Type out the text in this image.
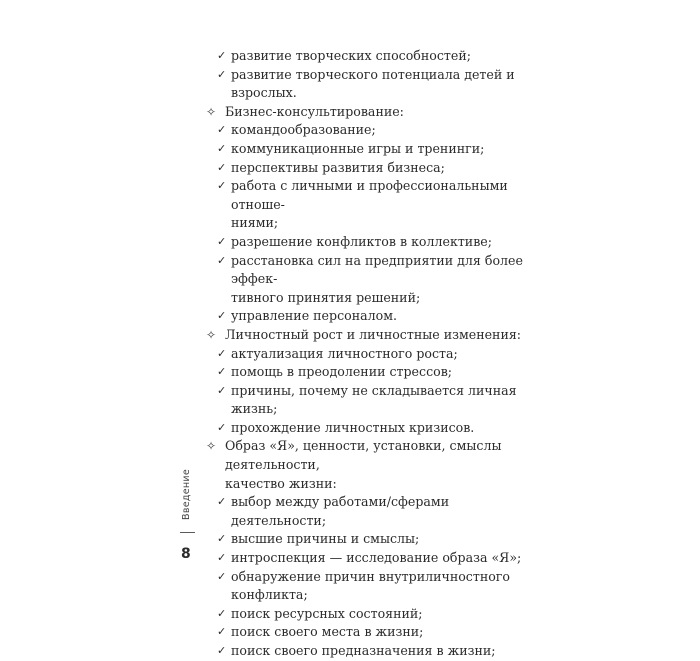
✓ развитие творческих способностей;
✓ развитие творческого потенциала детей и взрослых.
✧ Бизнес-консультирование:
✓ командообразование;
✓ коммуникационные игры и тренинги;
✓ перспективы развития бизнеса;
✓ работа с личными и профессиональными отноше-
ниями;
✓ разрешение конфликтов в коллективе;
✓ расстановка сил на предприятии для более эффек-
тивного принятия решений;
✓ управление персоналом.
✧ Личностный рост и личностные изменения:
✓ актуализация личностного роста;
✓ помощь в преодолении стрессов;
✓ причины, почему не складывается личная жизнь;
✓ прохождение личностных кризисов.
✧ Образ «Я», ценности, установки, смыслы деятельности,
качество жизни:
✓ выбор между работами/сферами деятельности;
✓ высшие причины и смыслы;
✓ интроспекция — исследование образа «Я»;
✓ обнаружение причин внутриличностного конфликта;
✓ поиск ресурсных состояний;
✓ поиск своего места в жизни;
✓ поиск своего предназначения в жизни;
Введение
8
